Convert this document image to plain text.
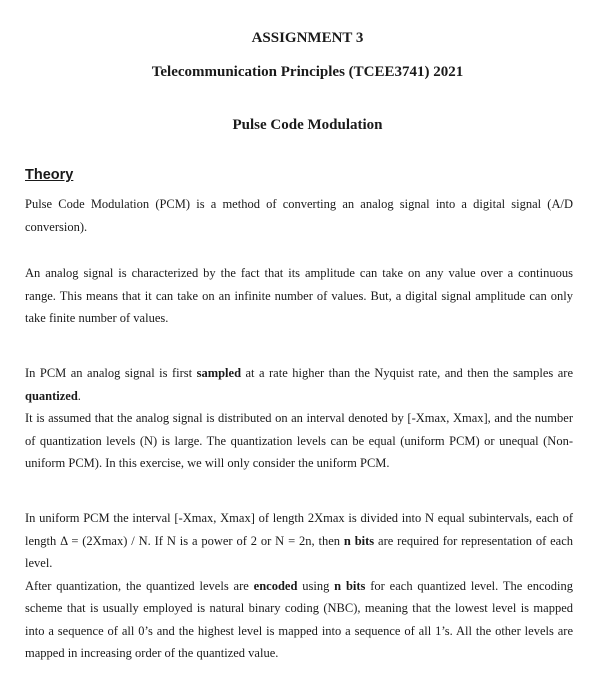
ASSIGNMENT 3
Telecommunication Principles (TCEE3741) 2021
Pulse Code Modulation
Theory

Pulse Code Modulation (PCM) is a method of converting an analog signal into a digital signal (A/D conversion).

An analog signal is characterized by the fact that its amplitude can take on any value over a continuous range. This means that it can take on an infinite number of values. But, a digital signal amplitude can only take finite number of values.

In PCM an analog signal is first sampled at a rate higher than the Nyquist rate, and then the samples are quantized.

It is assumed that the analog signal is distributed on an interval denoted by [-Xmax, Xmax], and the number of quantization levels (N) is large. The quantization levels can be equal (uniform PCM) or unequal (Non-uniform PCM). In this exercise, we will only consider the uniform PCM.

In uniform PCM the interval [-Xmax, Xmax] of length 2Xmax is divided into N equal subintervals, each of length Δ = (2Xmax) / N. If N is a power of 2 or N = 2n, then n bits are required for representation of each level.

After quantization, the quantized levels are encoded using n bits for each quantized level. The encoding scheme that is usually employed is natural binary coding (NBC), meaning that the lowest level is mapped into a sequence of all 0’s and the highest level is mapped into a sequence of all 1’s. All the other levels are mapped in increasing order of the quantized value.
